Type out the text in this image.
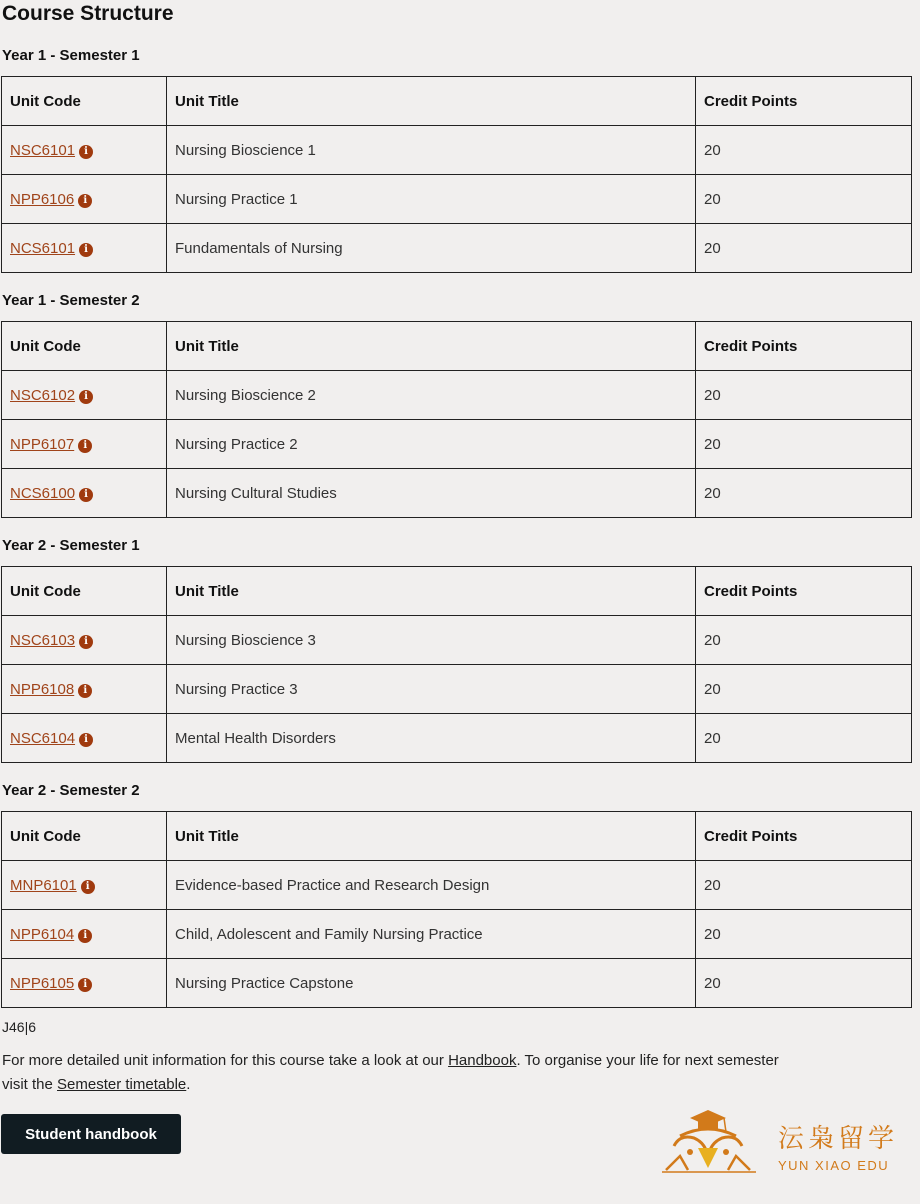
Course Structure
Year 1 - Semester 1
Unit Code	Unit Title	Credit Points
NSC6101 i	Nursing Bioscience 1	20
NPP6106 i	Nursing Practice 1	20
NCS6101 i	Fundamentals of Nursing	20
Year 1 - Semester 2
Unit Code	Unit Title	Credit Points
NSC6102 i	Nursing Bioscience 2	20
NPP6107 i	Nursing Practice 2	20
NCS6100 i	Nursing Cultural Studies	20
Year 2 - Semester 1
Unit Code	Unit Title	Credit Points
NSC6103 i	Nursing Bioscience 3	20
NPP6108 i	Nursing Practice 3	20
NSC6104 i	Mental Health Disorders	20
Year 2 - Semester 2
Unit Code	Unit Title	Credit Points
MNP6101 i	Evidence-based Practice and Research Design	20
NPP6104 i	Child, Adolescent and Family Nursing Practice	20
NPP6105 i	Nursing Practice Capstone	20
J46|6
For more detailed unit information for this course take a look at our Handbook. To organise your life for next semester visit the Semester timetable.
Student handbook	沄枭留学
YUN XIAO EDU
